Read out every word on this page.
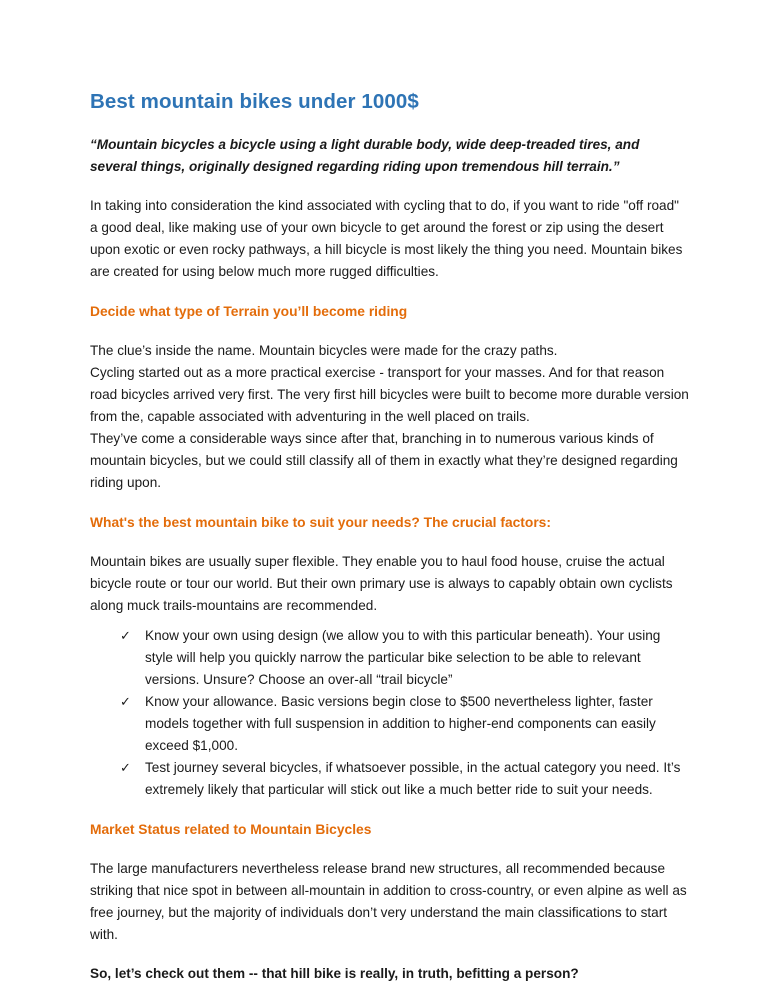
Best mountain bikes under 1000$

“Mountain bicycles a bicycle using a light durable body, wide deep-treaded tires, and several things, originally designed regarding riding upon tremendous hill terrain.”

In taking into consideration the kind associated with cycling that to do, if you want to ride "off road" a good deal, like making use of your own bicycle to get around the forest or zip using the desert upon exotic or even rocky pathways, a hill bicycle is most likely the thing you need. Mountain bikes are created for using below much more rugged difficulties.

Decide what type of Terrain you’ll become riding

The clue’s inside the name. Mountain bicycles were made for the crazy paths.

Cycling started out as a more practical exercise - transport for your masses. And for that reason road bicycles arrived very first. The very first hill bicycles were built to become more durable version from the, capable associated with adventuring in the well placed on trails.

They’ve come a considerable ways since after that, branching in to numerous various kinds of mountain bicycles, but we could still classify all of them in exactly what they’re designed regarding riding upon.

What's the best mountain bike to suit your needs? The crucial factors:

Mountain bikes are usually super flexible. They enable you to haul food house, cruise the actual bicycle route or tour our world. But their own primary use is always to capably obtain own cyclists along muck trails-mountains are recommended.

✓ Know your own using design (we allow you to with this particular beneath). Your using style will help you quickly narrow the particular bike selection to be able to relevant versions. Unsure? Choose an over-all “trail bicycle”
✓ Know your allowance. Basic versions begin close to $500 nevertheless lighter, faster models together with full suspension in addition to higher-end components can easily exceed $1,000.
✓ Test journey several bicycles, if whatsoever possible, in the actual category you need. It’s extremely likely that particular will stick out like a much better ride to suit your needs.
Market Status related to Mountain Bicycles

The large manufacturers nevertheless release brand new structures, all recommended because striking that nice spot in between all-mountain in addition to cross-country, or even alpine as well as free journey, but the majority of individuals don’t very understand the main classifications to start with.

So, let’s check out them -- that hill bike is really, in truth, befitting a person?
